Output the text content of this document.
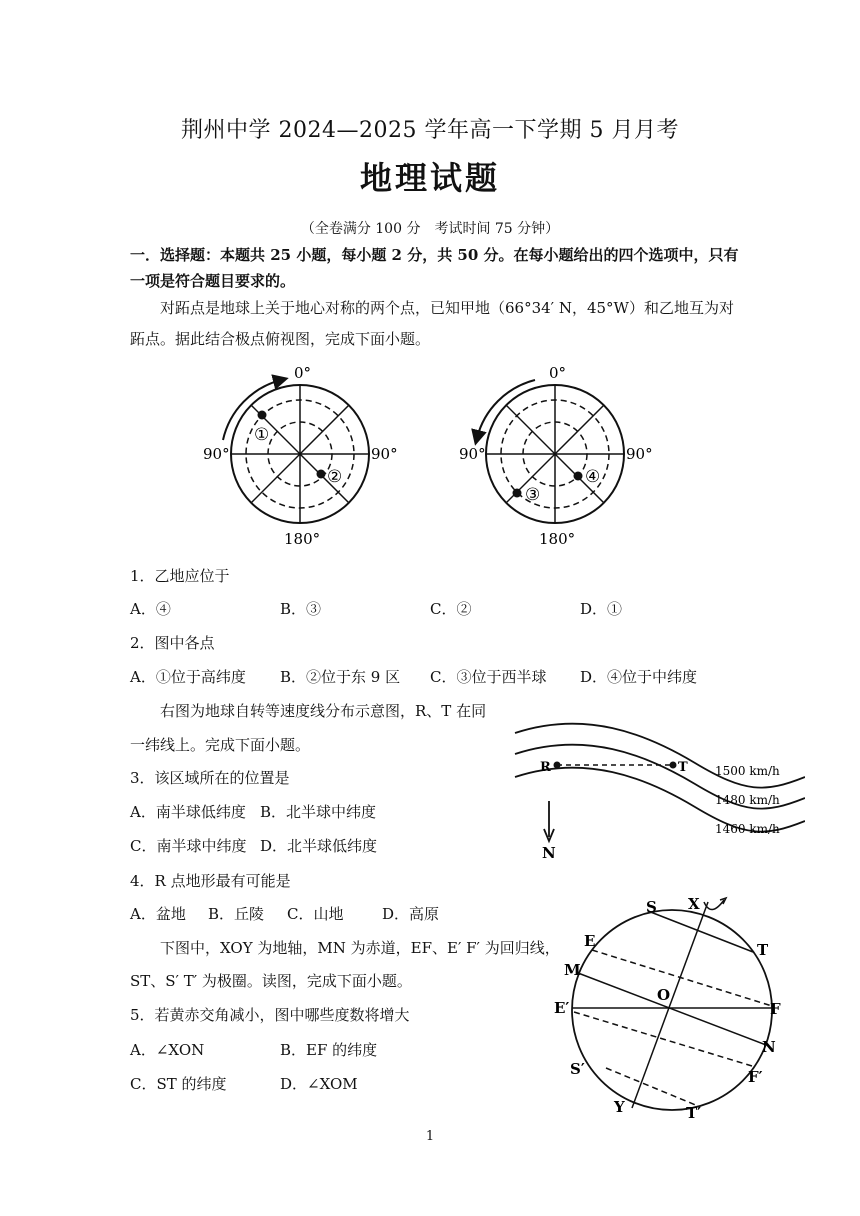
荆州中学 2024—2025 学年高一下学期 5 月月考
地理试题
（全卷满分 100 分　考试时间 75 分钟）
一．选择题：本题共 25 小题，每小题 2 分，共 50 分。在每小题给出的四个选项中，只有
一项是符合题目要求的。
对跖点是地球上关于地心对称的两个点，已知甲地（66°34′ N，45°W）和乙地互为对
跖点。据此结合极点俯视图，完成下面小题。
0°
90°	90°
180°
①
②
0°
90°	90°
180°
③
④
1．乙地应位于
A．④	B．③	C．②	D．①
2．图中各点
A．①位于高纬度 B．②位于东 9 区 C．③位于西半球 D．④位于中纬度
右图为地球自转等速度线分布示意图，R、T 在同
一纬线上。完成下面小题。
3．该区域所在的位置是
A．南半球低纬度 B．北半球中纬度
C．南半球中纬度 D．北半球低纬度
R	T 1500 km/h
1480 km/h
1460 km/h
N
4．R 点地形最有可能是
A．盆地 B．丘陵 C．山地	D．高原
下图中，XOY 为地轴，MN 为赤道，EF、E′ F′ 为回归线，
ST、S′ T′ 为极圈。读图，完成下面小题。
5．若黄赤交角减小，图中哪些度数将增大
A．∠XON	B．EF 的纬度
C．ST 的纬度	D．∠XOM
S X
E	T
M
O
E′	F
N
S′	F′
Y	T′
1
